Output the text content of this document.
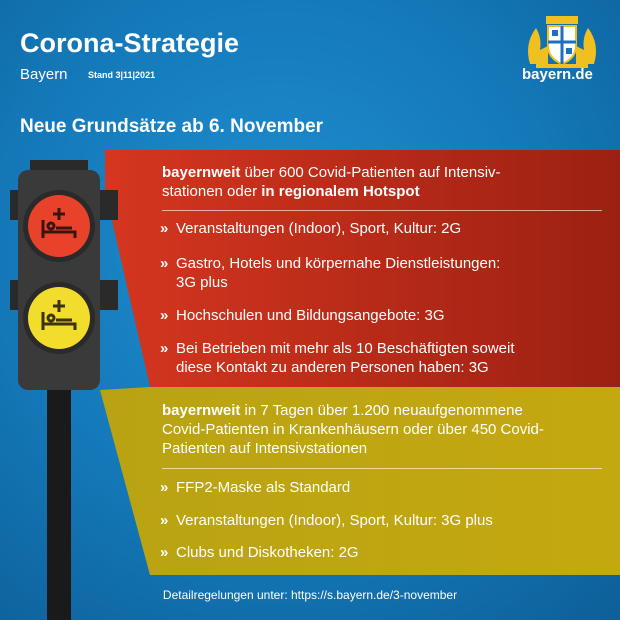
Corona-Strategie
Bayern Stand 3|11|2021	bayern.de
Neue Grundsätze ab 6. November
bayernweit über 600 Covid-Patienten auf Intensiv-
stationen oder in regionalem Hotspot
» Veranstaltungen (Indoor), Sport, Kultur: 2G
» Gastro, Hotels und körpernahe Dienstleistungen:
3G plus
» Hochschulen und Bildungsangebote: 3G
» Bei Betrieben mit mehr als 10 Beschäftigten soweit
diese Kontakt zu anderen Personen haben: 3G
bayernweit in 7 Tagen über 1.200 neuaufgenommene
Covid-Patienten in Krankenhäusern oder über 450 Covid-
Patienten auf Intensivstationen
» FFP2-Maske als Standard
» Veranstaltungen (Indoor), Sport, Kultur: 3G plus
» Clubs und Diskotheken: 2G
Detailregelungen unter: https://s.bayern.de/3-november
